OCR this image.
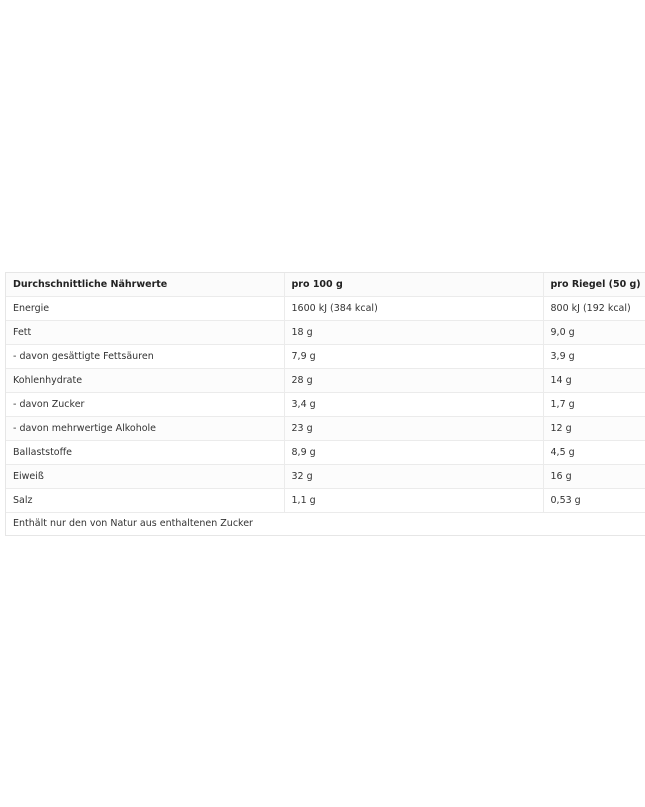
Durchschnittliche Nährwerte	pro 100 g	pro Riegel (50 g)
Energie	1600 kJ (384 kcal)	800 kJ (192 kcal)
Fett	18 g	9,0 g
- davon gesättigte Fettsäuren	7,9 g	3,9 g
Kohlenhydrate	28 g	14 g
- davon Zucker	3,4 g	1,7 g
- davon mehrwertige Alkohole	23 g	12 g
Ballaststoffe	8,9 g	4,5 g
Eiweiß	32 g	16 g
Salz	1,1 g	0,53 g
Enthält nur den von Natur aus enthaltenen Zucker		
